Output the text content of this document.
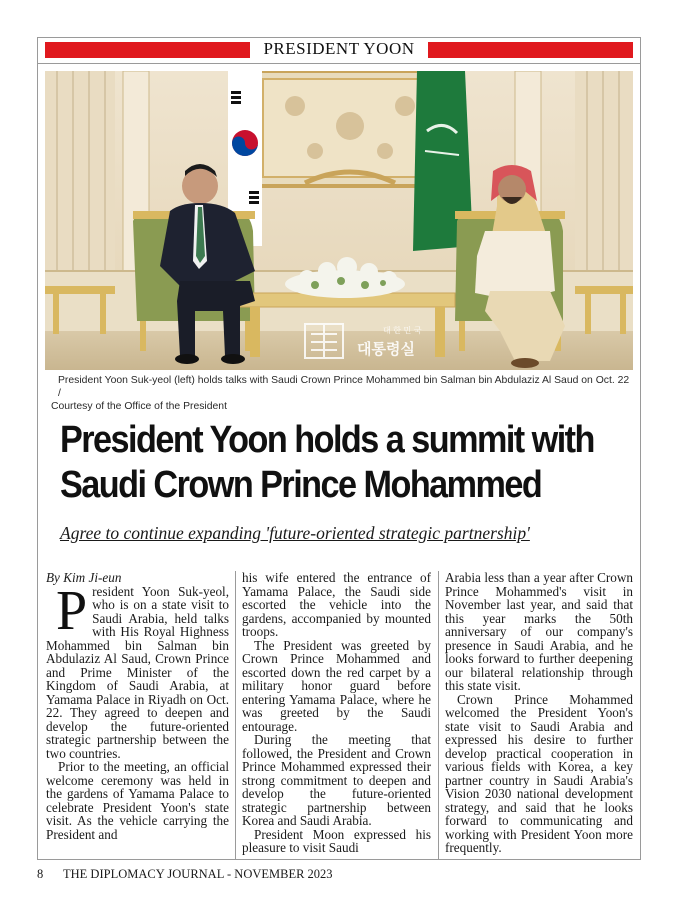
PRESIDENT YOON
대 한 민 국
대통령실
President Yoon Suk-yeol (left) holds talks with Saudi Crown Prince Mohammed bin Salman bin Abdulaziz Al Saud on Oct. 22 /
Courtesy of the Office of the President
President Yoon holds a summit with
Saudi Crown Prince Mohammed
Agree to continue expanding 'future-oriented strategic partnership'

By Kim Ji-eun

President Yoon Suk-yeol, who is on a state visit to Saudi Arabia, held talks with His Royal Highness Mohammed bin Salman bin Abdulaziz Al Saud, Crown Prince and Prime Minister of the Kingdom of Saudi Arabia, at Yamama Palace in Riyadh on Oct. 22. They agreed to deepen and develop the future-oriented strategic partnership between the two countries.

Prior to the meeting, an official welcome ceremony was held in the gardens of Yamama Palace to celebrate President Yoon's state visit. As the vehicle carrying the President and

his wife entered the entrance of Yamama Palace, the Saudi side escorted the vehicle into the gardens, accompanied by mounted troops.

The President was greeted by Crown Prince Mohammed and escorted down the red carpet by a military honor guard before entering Yamama Palace, where he was greeted by the Saudi entourage.

During the meeting that followed, the President and Crown Prince Mohammed expressed their strong commitment to deepen and develop the future-oriented strategic partnership between Korea and Saudi Arabia.

President Moon expressed his pleasure to visit Saudi

Arabia less than a year after Crown Prince Mohammed's visit in November last year, and said that this year marks the 50th anniversary of our company's presence in Saudi Arabia, and he looks forward to further deepening our bilateral relationship through this state visit.

Crown Prince Mohammed welcomed the President Yoon's state visit to Saudi Arabia and expressed his desire to further develop practical cooperation in various fields with Korea, a key partner country in Saudi Arabia's Vision 2030 national development strategy, and said that he looks forward to communicating and working with President Yoon more frequently.

8 THE DIPLOMACY JOURNAL - NOVEMBER 2023
